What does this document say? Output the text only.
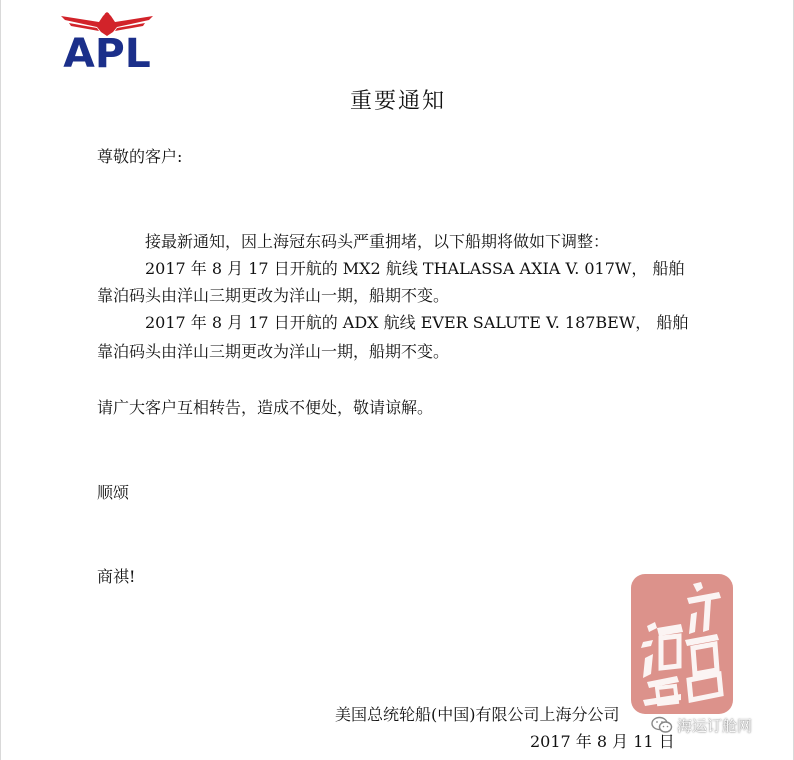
APL
重要通知
尊敬的客户:
接最新通知，因上海冠东码头严重拥堵，以下船期将做如下调整：
2017 年 8 月 17 日开航的 MX2 航线 THALASSA AXIA V. 017W， 船舶
靠泊码头由洋山三期更改为洋山一期，船期不变。
2017 年 8 月 17 日开航的 ADX 航线 EVER SALUTE V. 187BEW， 船舶
靠泊码头由洋山三期更改为洋山一期，船期不变。
请广大客户互相转告，造成不便处，敬请谅解。
顺颂
商祺!
美国总统轮船(中国)有限公司上海分公司
2017 年 8 月 11 日
海运订舱网
